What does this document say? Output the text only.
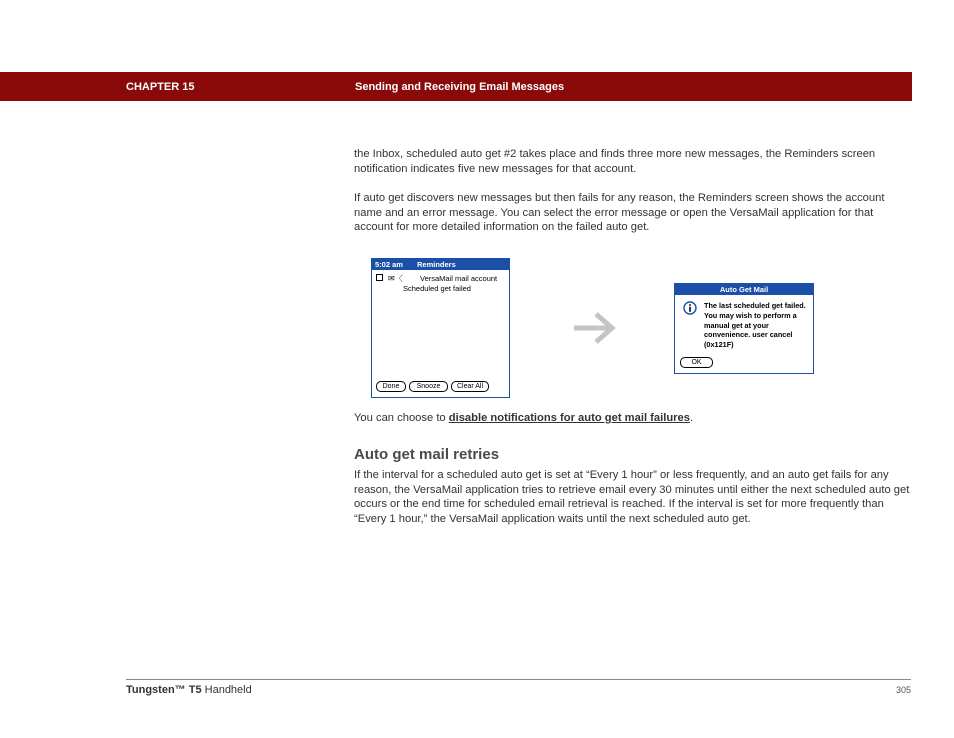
CHAPTER 15	Sending and Receiving Email Messages

the Inbox, scheduled auto get #2 takes place and finds three more new messages, the Reminders screen notification indicates five new messages for that account.

If auto get discovers new messages but then fails for any reason, the Reminders screen shows the account name and an error message. You can select the error message or open the VersaMail application for that account for more detailed information on the failed auto get.

5:02 am Reminders
✉〈 VersaMail mail account
Scheduled get failed
Done	Snooze	Clear All
Auto Get Mail
The last scheduled get failed. You may wish to perform a manual get at your convenience. user cancel (0x121F)
OK

You can choose to disable notifications for auto get mail failures.

Auto get mail retries

If the interval for a scheduled auto get is set at “Every 1 hour” or less frequently, and an auto get fails for any reason, the VersaMail application tries to retrieve email every 30 minutes until either the next scheduled auto get occurs or the end time for scheduled email retrieval is reached. If the interval is set for more frequently than “Every 1 hour,” the VersaMail application waits until the next scheduled auto get.

Tungsten™ T5 Handheld	305
